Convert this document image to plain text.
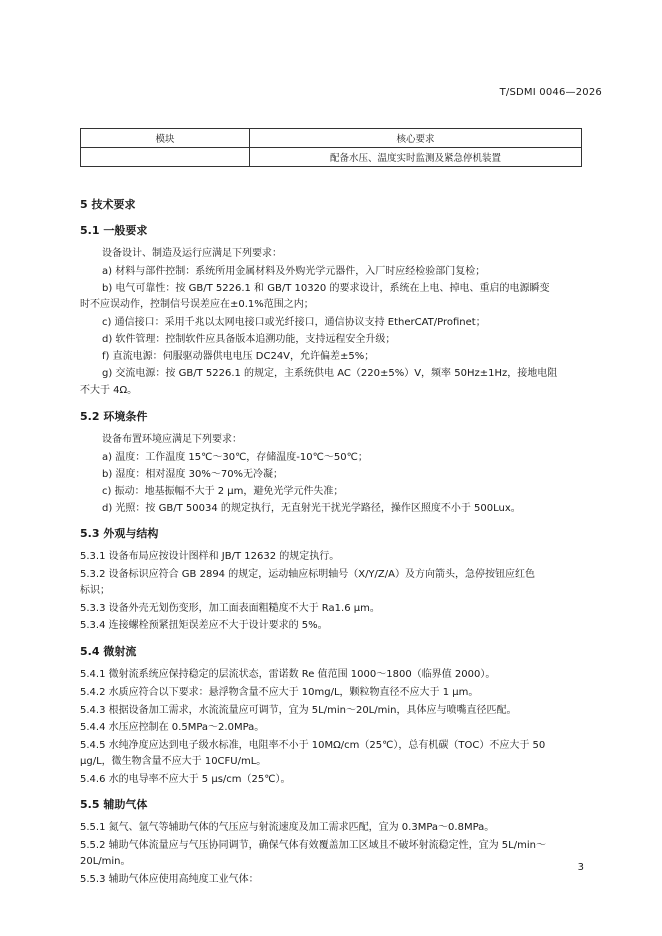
T/SDMI 0046—2026
模块	核心要求
	配备水压、温度实时监测及紧急停机装置
5 技术要求
5.1 一般要求
设备设计、制造及运行应满足下列要求：
a) 材料与部件控制：系统所用金属材料及外购光学元器件，入厂时应经检验部门复检；
b) 电气可靠性：按 GB/T 5226.1 和 GB/T 10320 的要求设计，系统在上电、掉电、重启的电源瞬变
时不应误动作，控制信号误差应在±0.1%范围之内；
c) 通信接口：采用千兆以太网电接口或光纤接口，通信协议支持 EtherCAT/Profinet；
d) 软件管理：控制软件应具备版本追溯功能，支持远程安全升级；
f) 直流电源：伺服驱动器供电电压 DC24V，允许偏差±5%；
g) 交流电源：按 GB/T 5226.1 的规定，主系统供电 AC（220±5%）V，频率 50Hz±1Hz，接地电阻
不大于 4Ω。
5.2 环境条件
设备布置环境应满足下列要求：
a) 温度：工作温度 15℃～30℃，存储温度-10℃～50℃；
b) 湿度：相对湿度 30%～70%无冷凝；
c) 振动：地基振幅不大于 2 μm，避免光学元件失准；
d) 光照：按 GB/T 50034 的规定执行，无直射光干扰光学路径，操作区照度不小于 500Lux。
5.3 外观与结构
5.3.1 设备布局应按设计图样和 JB/T 12632 的规定执行。
5.3.2 设备标识应符合 GB 2894 的规定，运动轴应标明轴号（X/Y/Z/A）及方向箭头，急停按钮应红色
标识；
5.3.3 设备外壳无划伤变形，加工面表面粗糙度不大于 Ra1.6 μm。
5.3.4 连接螺栓预紧扭矩误差应不大于设计要求的 5%。
5.4 微射流
5.4.1 微射流系统应保持稳定的层流状态，雷诺数 Re 值范围 1000～1800（临界值 2000）。
5.4.2 水质应符合以下要求：悬浮物含量不应大于 10mg/L，颗粒物直径不应大于 1 μm。
5.4.3 根据设备加工需求，水流流量应可调节，宜为 5L/min～20L/min，具体应与喷嘴直径匹配。
5.4.4 水压应控制在 0.5MPa～2.0MPa。
5.4.5 水纯净度应达到电子级水标准，电阻率不小于 10MΩ/cm（25℃），总有机碳（TOC）不应大于 50
μg/L，微生物含量不应大于 10CFU/mL。
5.4.6 水的电导率不应大于 5 μs/cm（25℃）。
5.5 辅助气体
5.5.1 氮气、氩气等辅助气体的气压应与射流速度及加工需求匹配，宜为 0.3MPa～0.8MPa。
5.5.2 辅助气体流量应与气压协同调节，确保气体有效覆盖加工区域且不破坏射流稳定性，宜为 5L/min～
20L/min。
5.5.3 辅助气体应使用高纯度工业气体：
3
